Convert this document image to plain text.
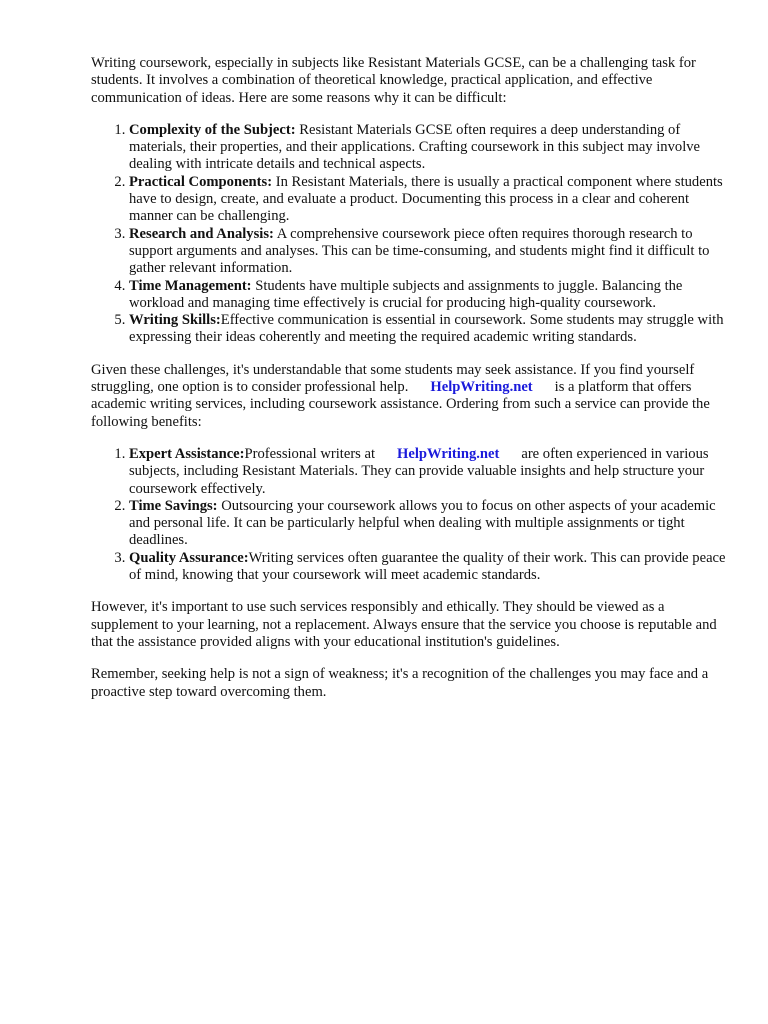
Writing coursework, especially in subjects like Resistant Materials GCSE, can be a challenging task for students. It involves a combination of theoretical knowledge, practical application, and effective communication of ideas. Here are some reasons why it can be difficult:

1. Complexity of the Subject: Resistant Materials GCSE often requires a deep understanding of materials, their properties, and their applications. Crafting coursework in this subject may involve dealing with intricate details and technical aspects.
2. Practical Components: In Resistant Materials, there is usually a practical component where students have to design, create, and evaluate a product. Documenting this process in a clear and coherent manner can be challenging.
3. Research and Analysis: A comprehensive coursework piece often requires thorough research to support arguments and analyses. This can be time-consuming, and students might find it difficult to gather relevant information.
4. Time Management: Students have multiple subjects and assignments to juggle. Balancing the workload and managing time effectively is crucial for producing high-quality coursework.
5. Writing Skills:Effective communication is essential in coursework. Some students may struggle with expressing their ideas coherently and meeting the required academic writing standards.

Given these challenges, it's understandable that some students may seek assistance. If you find yourself struggling, one option is to consider professional help. HelpWriting.net is a platform that offers academic writing services, including coursework assistance. Ordering from such a service can provide the following benefits:

1. Expert Assistance:Professional writers at HelpWriting.net are often experienced in various subjects, including Resistant Materials. They can provide valuable insights and help structure your coursework effectively.
2. Time Savings: Outsourcing your coursework allows you to focus on other aspects of your academic and personal life. It can be particularly helpful when dealing with multiple assignments or tight deadlines.
3. Quality Assurance:Writing services often guarantee the quality of their work. This can provide peace of mind, knowing that your coursework will meet academic standards.

However, it's important to use such services responsibly and ethically. They should be viewed as a supplement to your learning, not a replacement. Always ensure that the service you choose is reputable and that the assistance provided aligns with your educational institution's guidelines.

Remember, seeking help is not a sign of weakness; it's a recognition of the challenges you may face and a proactive step toward overcoming them.
